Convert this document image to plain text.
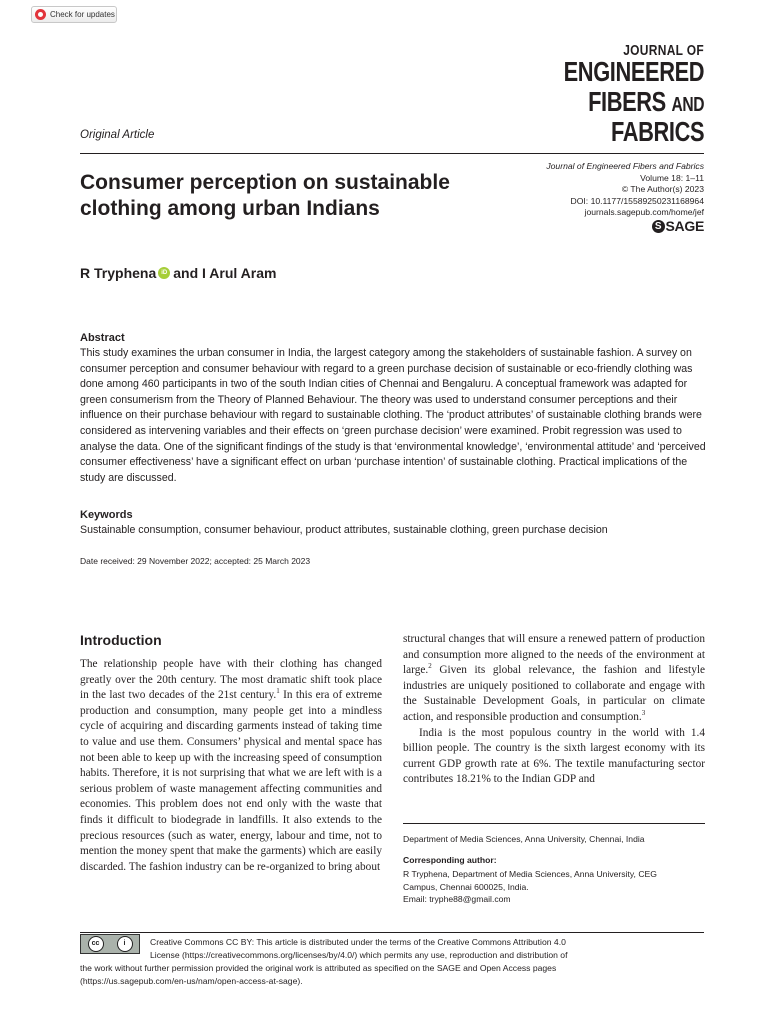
Check for updates
JOURNAL OF
ENGINEERED
FIBERS AND
FABRICS
Original Article
Journal of Engineered Fibers and Fabrics
Volume 18: 1–11
© The Author(s) 2023
DOI: 10.1177/15589250231168964
journals.sagepub.com/home/jef
S SAGE
Consumer perception on sustainable clothing among urban Indians
R Tryphena iD and I Arul Aram
Abstract
This study examines the urban consumer in India, the largest category among the stakeholders of sustainable fashion. A survey on consumer perception and consumer behaviour with regard to a green purchase decision of sustainable or eco-friendly clothing was done among 460 participants in two of the south Indian cities of Chennai and Bengaluru. A conceptual framework was adapted for green consumerism from the Theory of Planned Behaviour. The theory was used to understand consumer perceptions and their influence on their purchase behaviour with regard to sustainable clothing. The ‘product attributes’ of sustainable clothing brands were considered as intervening variables and their effects on ‘green purchase decision’ were examined. Probit regression was used to analyse the data. One of the significant findings of the study is that ‘environmental knowledge’, ‘environmental attitude’ and ‘perceived consumer effectiveness’ have a significant effect on urban ‘purchase intention’ of sustainable clothing. Practical implications of the study are discussed.
Keywords
Sustainable consumption, consumer behaviour, product attributes, sustainable clothing, green purchase decision
Date received: 29 November 2022; accepted: 25 March 2023
Introduction

The relationship people have with their clothing has changed greatly over the 20th century. The most dramatic shift took place in the last two decades of the 21st century.$^1$ In this era of extreme production and consumption, many people get into a mindless cycle of acquiring and discarding garments instead of taking time to value and use them. Consumers’ physical and mental space has not been able to keep up with the increasing speed of consumption habits. Therefore, it is not surprising that what we are left with is a serious problem of waste management affecting communities and economies. This problem does not end only with the waste that finds it difficult to biodegrade in landfills. It also extends to the precious resources (such as water, energy, labour and time, not to mention the money spent that make the garments) which are easily discarded. The fashion industry can be re-organized to bring about

structural changes that will ensure a renewed pattern of production and consumption more aligned to the needs of the environment at large.$^2$ Given its global relevance, the fashion and lifestyle industries are uniquely positioned to collaborate and engage with the Sustainable Development Goals, in particular on climate action, and responsible production and consumption.$^3$

India is the most populous country in the world with 1.4 billion people. The country is the sixth largest economy with its current GDP growth rate at 6%. The textile manufacturing sector contributes 18.21% to the Indian GDP and

Department of Media Sciences, Anna University, Chennai, India
Corresponding author:
R Tryphena, Department of Media Sciences, Anna University, CEG
Campus, Chennai 600025, India.
Email: tryphe88@gmail.com
cc	i	Creative Commons CC BY: This article is distributed under the terms of the Creative Commons Attribution 4.0
License (https://creativecommons.org/licenses/by/4.0/) which permits any use, reproduction and distribution of
the work without further permission provided the original work is attributed as specified on the SAGE and Open Access pages
(https://us.sagepub.com/en-us/nam/open-access-at-sage).
